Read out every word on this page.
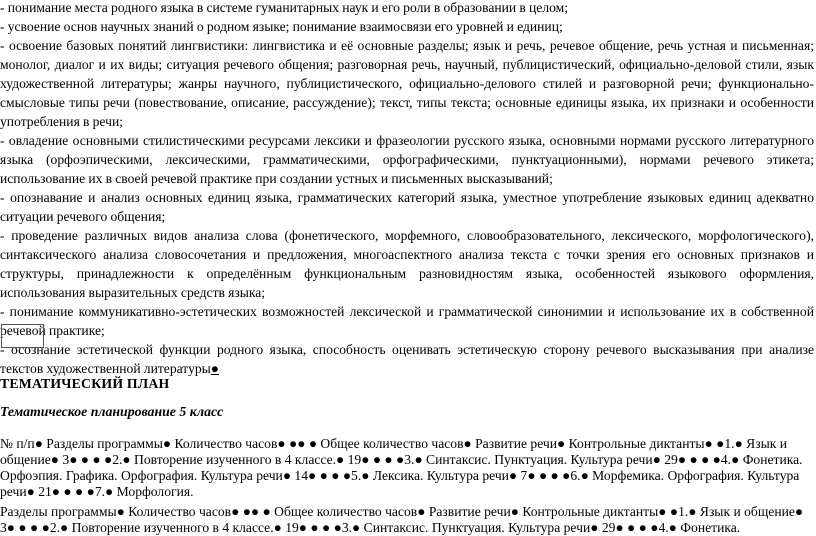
- понимание места родного языка в системе гуманитарных наук и его роли в образовании в целом;

- усвоение основ научных знаний о родном языке; понимание взаимосвязи его уровней и единиц;

- освоение базовых понятий лингвистики: лингвистика и её основные разделы; язык и речь, речевое общение, речь устная и письменная; монолог, диалог и их виды; ситуация речевого общения; разговорная речь, научный, публицистический, официально-деловой стили, язык художественной литературы; жанры научного, публицистического, официально-делового стилей и разговорной речи; функционально-смысловые типы речи (повествование, описание, рассуждение); текст, типы текста; основные единицы языка, их признаки и особенности употребления в речи;

- овладение основными стилистическими ресурсами лексики и фразеологии русского языка, основными нормами русского литературного языка (орфоэпическими, лексическими, грамматическими, орфографическими, пунктуационными), нормами речевого этикета; использование их в своей речевой практике при создании устных и письменных высказываний;

- опознавание и анализ основных единиц языка, грамматических категорий языка, уместное употребление языковых единиц адекватно ситуации речевого общения;

- проведение различных видов анализа слова (фонетического, морфемного, словообразовательного, лексического, морфологического), синтаксического анализа словосочетания и предложения, многоаспектного анализа текста с точки зрения его основных признаков и структуры, принадлежности к определённым функциональным разновидностям языка, особенностей языкового оформления, использования выразительных средств языка;

- понимание коммуникативно-эстетических возможностей лексической и грамматической синонимии и использование их в собственной речевой практике;

- осознание эстетической функции родного языка, способность оценивать эстетическую сторону речевого высказывания при анализе текстов художественной литературы●

ТЕМАТИЧЕСКИЙ ПЛАН
Тематическое планирование 5 класс

№ п/п● Разделы программы● Количество часов● ●● ● Общее количество часов● Развитие речи● Контрольные диктанты● ●1.● Язык и общение● 3● ● ● ●2.● Повторение изученного в 4 классе.● 19● ● ● ●3.● Синтаксис. Пунктуация. Культура речи● 29● ● ● ●4.● Фонетика. Орфоэпия. Графика. Орфография. Культура речи● 14● ● ● ●5.● Лексика. Культура речи● 7● ● ● ●6.● Морфемика. Орфография. Культура речи● 21● ● ● ●7.● Морфология.

Разделы программы● Количество часов● ●● ● Общее количество часов● Развитие речи● Контрольные диктанты● ●1.● Язык и общение● 3● ● ● ●2.● Повторение изученного в 4 классе.● 19● ● ● ●3.● Синтаксис. Пунктуация. Культура речи● 29● ● ● ●4.● Фонетика.
